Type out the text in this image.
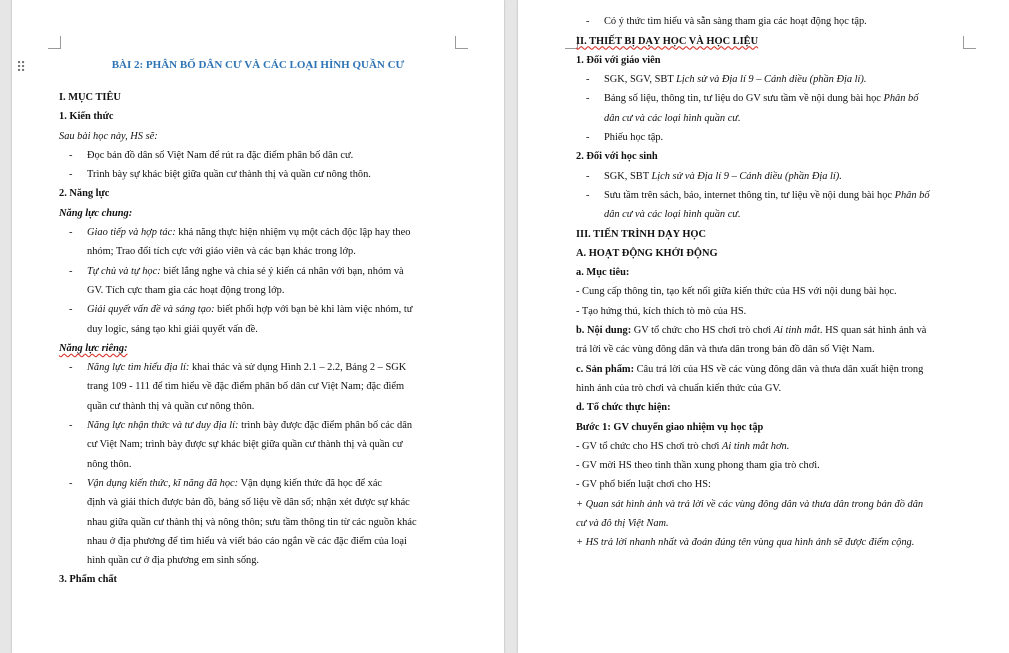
BÀI 2: PHÂN BỐ DÂN CƯ VÀ CÁC LOẠI HÌNH QUẦN CƯ

I. MỤC TIÊU

1. Kiến thức

Sau bài học này, HS sẽ:

- Đọc bản đồ dân số Việt Nam để rút ra đặc điểm phân bố dân cư.

- Trình bày sự khác biệt giữa quần cư thành thị và quần cư nông thôn.

2. Năng lực

Năng lực chung:

- Giao tiếp và hợp tác: khả năng thực hiện nhiệm vụ một cách độc lập hay theo

nhóm; Trao đổi tích cực với giáo viên và các bạn khác trong lớp.

- Tự chủ và tự học: biết lắng nghe và chia sẻ ý kiến cá nhân với bạn, nhóm và

GV. Tích cực tham gia các hoạt động trong lớp.

- Giải quyết vấn đề và sáng tạo: biết phối hợp với bạn bè khi làm việc nhóm, tư

duy logic, sáng tạo khi giải quyết vấn đề.

Năng lực riêng:

- Năng lực tìm hiểu địa lí: khai thác và sử dụng Hình 2.1 – 2.2, Bảng 2 – SGK

trang 109 - 111 để tìm hiểu về đặc điểm phân bố dân cư Việt Nam; đặc điểm

quần cư thành thị và quần cư nông thôn.

- Năng lực nhận thức và tư duy địa lí: trình bày được đặc điểm phân bố các dân

cư Việt Nam; trình bày được sự khác biệt giữa quần cư thành thị và quần cư

nông thôn.

- Vận dụng kiến thức, kĩ năng đã học: Vận dụng kiến thức đã học để xác

định và giải thích được bản đồ, bảng số liệu về dân số; nhận xét được sự khác

nhau giữa quần cư thành thị và nông thôn; sưu tầm thông tin từ các nguồn khác

nhau ở địa phương để tìm hiểu và viết báo cáo ngắn về các đặc điểm của loại

hình quần cư ở địa phương em sinh sống.

3. Phẩm chất

⠿

- Có ý thức tìm hiểu và sẵn sàng tham gia các hoạt động học tập.

II. THIẾT BỊ DẠY HỌC VÀ HỌC LIỆU

1. Đối với giáo viên

- SGK, SGV, SBT Lịch sử và Địa lí 9 – Cánh diều (phần Địa lí).

- Bảng số liệu, thông tin, tư liệu do GV sưu tầm về nội dung bài học Phân bố

dân cư và các loại hình quần cư.

- Phiếu học tập.

2. Đối với học sinh

- SGK, SBT Lịch sử và Địa lí 9 – Cánh diều (phần Địa lí).

- Sưu tầm trên sách, báo, internet thông tin, tư liệu về nội dung bài học Phân bố

dân cư và các loại hình quần cư.

III. TIẾN TRÌNH DẠY HỌC

A. HOẠT ĐỘNG KHỞI ĐỘNG

a. Mục tiêu:

- Cung cấp thông tin, tạo kết nối giữa kiến thức của HS với nội dung bài học.

- Tạo hứng thú, kích thích tò mò của HS.

b. Nội dung: GV tổ chức cho HS chơi trò chơi Ai tinh mắt. HS quan sát hình ảnh và

trả lời về các vùng đông dân và thưa dân trong bản đồ dân số Việt Nam.

c. Sản phẩm: Câu trả lời của HS về các vùng đông dân và thưa dân xuất hiện trong

hình ảnh của trò chơi và chuẩn kiến thức của GV.

d. Tổ chức thực hiện:

Bước 1: GV chuyển giao nhiệm vụ học tập

- GV tổ chức cho HS chơi trò chơi Ai tinh mắt hơn.

- GV mời HS theo tinh thần xung phong tham gia trò chơi.

- GV phổ biến luật chơi cho HS:

+ Quan sát hình ảnh và trả lời về các vùng đông dân và thưa dân trong bản đồ dân

cư và đô thị Việt Nam.

+ HS trả lời nhanh nhất và đoán đúng tên vùng qua hình ảnh sẽ được điểm cộng.
